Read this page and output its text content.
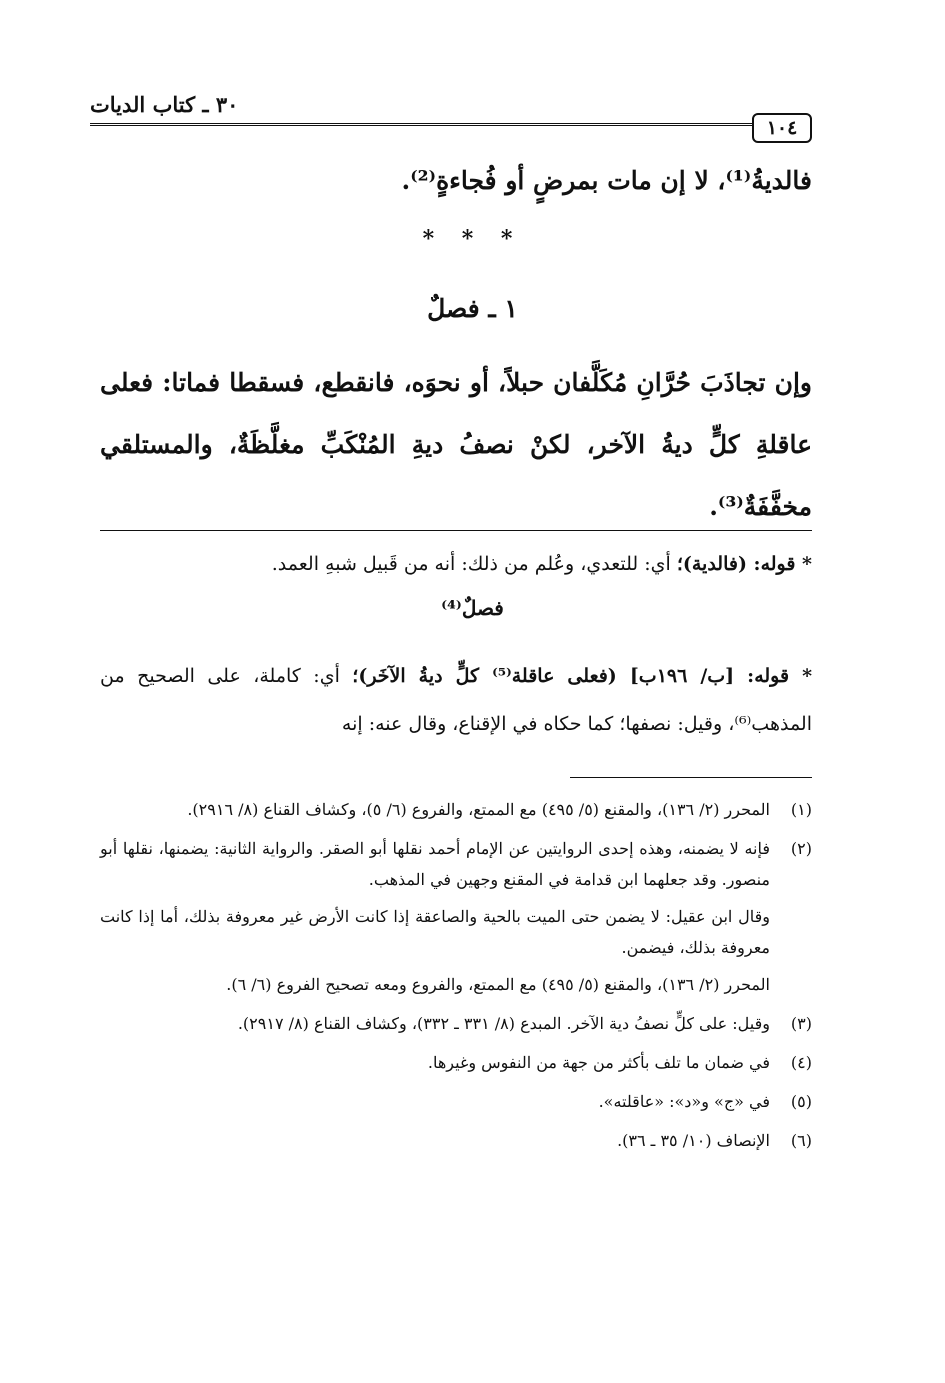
٣٠ ـ كتاب الديات
١٠٤
فالديةُ⁽¹⁾، لا إن مات بمرضٍ أو فُجاءةٍ⁽²⁾.
* * *
١ ـ فصلٌ
وإن تجاذَبَ حُرَّانِ مُكَلَّفان حبلاً، أو نحوَه، فانقطع، فسقطا فماتا: فعلى عاقلةِ كلٍّ ديةُ الآخر، لكنْ نصفُ ديةِ المُنْكَبِّ مغلَّظَةٌ، والمستلقي مخفَّفَةٌ⁽³⁾.
* قوله: (فالدية)؛ أي: للتعدي، وعُلم من ذلك: أنه من قَبيل شبهِ العمد.
فصلٌ⁽⁴⁾
* قوله: [ب/ ١٩٦ب] (فعلى عاقلة⁽⁵⁾ كلٍّ ديةُ الآخَر)؛ أي: كاملة، على الصحيح من المذهب⁽⁶⁾، وقيل: نصفها؛ كما حكاه في الإقناع، وقال عنه: إنه
(١)

المحرر (٢/ ١٣٦)، والمقنع (٥/ ٤٩٥) مع الممتع، والفروع (٦/ ٥)، وكشاف القناع (٨/ ٢٩١٦).

(٢)

فإنه لا يضمنه، وهذه إحدى الروايتين عن الإمام أحمد نقلها أبو الصقر. والرواية الثانية: يضمنها، نقلها أبو منصور. وقد جعلهما ابن قدامة في المقنع وجهين في المذهب.

وقال ابن عقيل: لا يضمن حتى الميت بالحية والصاعقة إذا كانت الأرض غير معروفة بذلك، أما إذا كانت معروفة بذلك، فيضمن.

المحرر (٢/ ١٣٦)، والمقنع (٥/ ٤٩٥) مع الممتع، والفروع ومعه تصحيح الفروع (٦/ ٦).

(٣)

وقيل: على كلٍّ نصفُ دية الآخر. المبدع (٨/ ٣٣١ ـ ٣٣٢)، وكشاف القناع (٨/ ٢٩١٧).

(٤)

في ضمان ما تلف بأكثر من جهة من النفوس وغيرها.

(٥)

في «ج» و«د»: «عاقلته».

(٦)

الإنصاف (١٠/ ٣٥ ـ ٣٦).
